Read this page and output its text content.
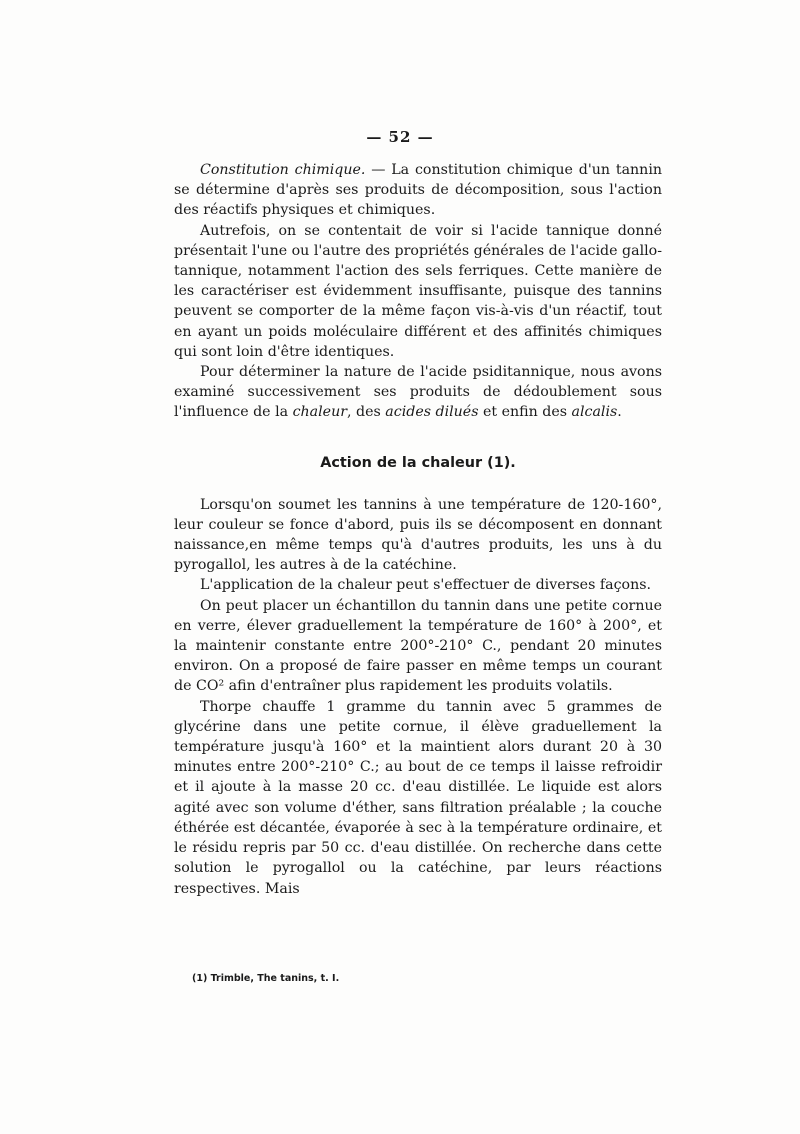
— 52 —

Constitution chimique. — La constitution chimique d'un tannin se détermine d'après ses produits de décomposition, sous l'action des réactifs physiques et chimiques.

Autrefois, on se contentait de voir si l'acide tannique donné présentait l'une ou l'autre des propriétés générales de l'acide gallo-tannique, notamment l'action des sels ferriques. Cette manière de les caractériser est évidemment insuffisante, puisque des tannins peuvent se comporter de la même façon vis-à-vis d'un réactif, tout en ayant un poids moléculaire différent et des affinités chimiques qui sont loin d'être identiques.

Pour déterminer la nature de l'acide psiditannique, nous avons examiné successivement ses produits de dédoublement sous l'influence de la chaleur, des acides dilués et enfin des alcalis.

Action de la chaleur (1).

Lorsqu'on soumet les tannins à une température de 120-160°, leur couleur se fonce d'abord, puis ils se décomposent en donnant naissance,en même temps qu'à d'autres produits, les uns à du pyrogallol, les autres à de la catéchine.

L'application de la chaleur peut s'effectuer de diverses façons.

On peut placer un échantillon du tannin dans une petite cornue en verre, élever graduellement la température de 160° à 200°, et la maintenir constante entre 200°-210° C., pendant 20 minutes environ. On a proposé de faire passer en même temps un courant de CO² afin d'entraîner plus rapidement les produits volatils.

Thorpe chauffe 1 gramme du tannin avec 5 grammes de glycérine dans une petite cornue, il élève graduellement la température jusqu'à 160° et la maintient alors durant 20 à 30 minutes entre 200°-210° C.; au bout de ce temps il laisse refroidir et il ajoute à la masse 20 cc. d'eau distillée. Le liquide est alors agité avec son volume d'éther, sans filtration préalable ; la couche éthérée est décantée, évaporée à sec à la température ordinaire, et le résidu repris par 50 cc. d'eau distillée. On recherche dans cette solution le pyrogallol ou la catéchine, par leurs réactions respectives. Mais

(1) Trimble, The tanins, t. I.
